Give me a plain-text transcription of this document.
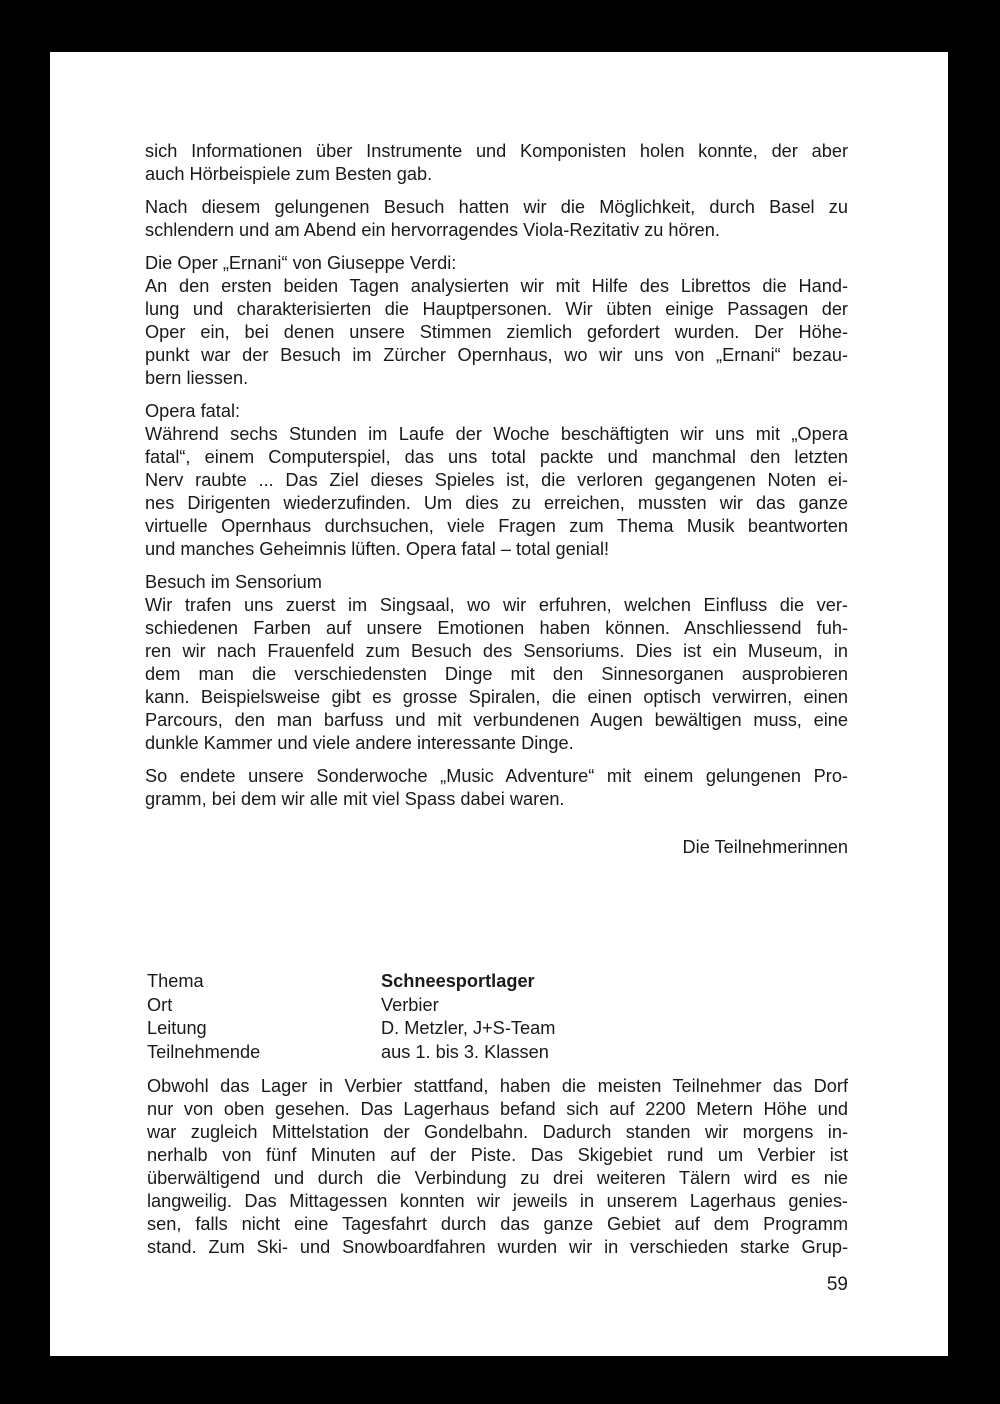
sich Informationen über Instrumente und Komponisten holen konnte, der aber
auch Hörbeispiele zum Besten gab.
Nach diesem gelungenen Besuch hatten wir die Möglichkeit, durch Basel zu
schlendern und am Abend ein hervorragendes Viola-Rezitativ zu hören.
Die Oper „Ernani“ von Giuseppe Verdi:
An den ersten beiden Tagen analysierten wir mit Hilfe des Librettos die Hand-
lung und charakterisierten die Hauptpersonen. Wir übten einige Passagen der
Oper ein, bei denen unsere Stimmen ziemlich gefordert wurden. Der Höhe-
punkt war der Besuch im Zürcher Opernhaus, wo wir uns von „Ernani“ bezau-
bern liessen.
Opera fatal:
Während sechs Stunden im Laufe der Woche beschäftigten wir uns mit „Opera
fatal“, einem Computerspiel, das uns total packte und manchmal den letzten
Nerv raubte ... Das Ziel dieses Spieles ist, die verloren gegangenen Noten ei-
nes Dirigenten wiederzufinden. Um dies zu erreichen, mussten wir das ganze
virtuelle Opernhaus durchsuchen, viele Fragen zum Thema Musik beantworten
und manches Geheimnis lüften. Opera fatal – total genial!
Besuch im Sensorium
Wir trafen uns zuerst im Singsaal, wo wir erfuhren, welchen Einfluss die ver-
schiedenen Farben auf unsere Emotionen haben können. Anschliessend fuh-
ren wir nach Frauenfeld zum Besuch des Sensoriums. Dies ist ein Museum, in
dem man die verschiedensten Dinge mit den Sinnesorganen ausprobieren
kann. Beispielsweise gibt es grosse Spiralen, die einen optisch verwirren, einen
Parcours, den man barfuss und mit verbundenen Augen bewältigen muss, eine
dunkle Kammer und viele andere interessante Dinge.
So endete unsere Sonderwoche „Music Adventure“ mit einem gelungenen Pro-
gramm, bei dem wir alle mit viel Spass dabei waren.
Die Teilnehmerinnen
Thema	Schneesportlager
Ort	Verbier
Leitung	D. Metzler, J+S-Team
Teilnehmende	aus 1. bis 3. Klassen
Obwohl das Lager in Verbier stattfand, haben die meisten Teilnehmer das Dorf
nur von oben gesehen. Das Lagerhaus befand sich auf 2200 Metern Höhe und
war zugleich Mittelstation der Gondelbahn. Dadurch standen wir morgens in-
nerhalb von fünf Minuten auf der Piste. Das Skigebiet rund um Verbier ist
überwältigend und durch die Verbindung zu drei weiteren Tälern wird es nie
langweilig. Das Mittagessen konnten wir jeweils in unserem Lagerhaus genies-
sen, falls nicht eine Tagesfahrt durch das ganze Gebiet auf dem Programm
stand. Zum Ski- und Snowboardfahren wurden wir in verschieden starke Grup-
59
